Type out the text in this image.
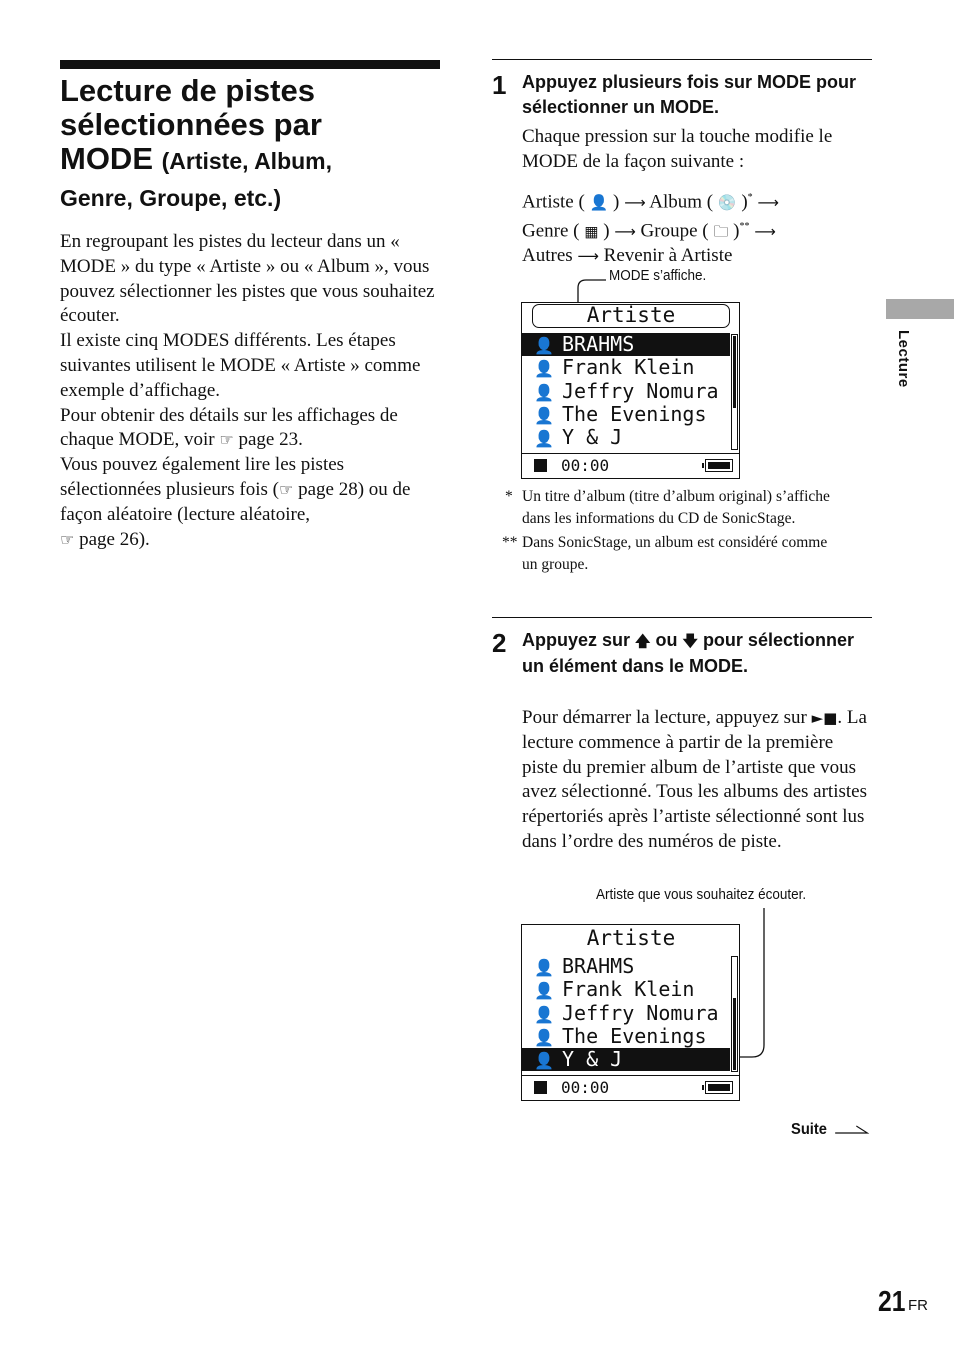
Lecture de pistes
sélectionnées par
MODE (Artiste, Album,
Genre, Groupe, etc.)

En regroupant les pistes du lecteur dans un « MODE » du type « Artiste » ou « Album », vous pouvez sélectionner les pistes que vous souhaitez écouter.

Il existe cinq MODES différents. Les étapes suivantes utilisent le MODE « Artiste » comme exemple d’affichage.

Pour obtenir des détails sur les affichages de chaque MODE, voir ☞ page 23.

Vous pouvez également lire les pistes sélectionnées plusieurs fois (☞ page 28) ou de façon aléatoire (lecture aléatoire,
☞ page 26).

Lecture
1 Appuyez plusieurs fois sur MODE pour sélectionner un MODE.
Chaque pression sur la touche modifie le MODE de la façon suivante :
Artiste ( 👤 ) ⟶ Album ( 💿 )* ⟶
Genre ( ▦ ) ⟶ Groupe ( 🗀 )** ⟶
Autres ⟶ Revenir à Artiste
MODE s’affiche.
Artiste
👤 BRAHMS
👤 Frank Klein
👤 Jeffry Nomura
👤 The Evenings
👤 Y & J
00:00

* Un titre d’album (titre d’album original) s’affiche dans les informations du CD de SonicStage.

** Dans SonicStage, un album est considéré comme un groupe.

2 Appuyez sur 🡅 ou 🡇 pour sélectionner un élément dans le MODE.
Pour démarrer la lecture, appuyez sur ►■. La lecture commence à partir de la première piste du premier album de l’artiste que vous avez sélectionné. Tous les albums des artistes répertoriés après l’artiste sélectionné sont lus dans l’ordre des numéros de piste.
Artiste que vous souhaitez écouter.
Artiste
👤 BRAHMS
👤 Frank Klein
👤 Jeffry Nomura
👤 The Evenings
👤 Y & J
00:00
Suite
21 FR
